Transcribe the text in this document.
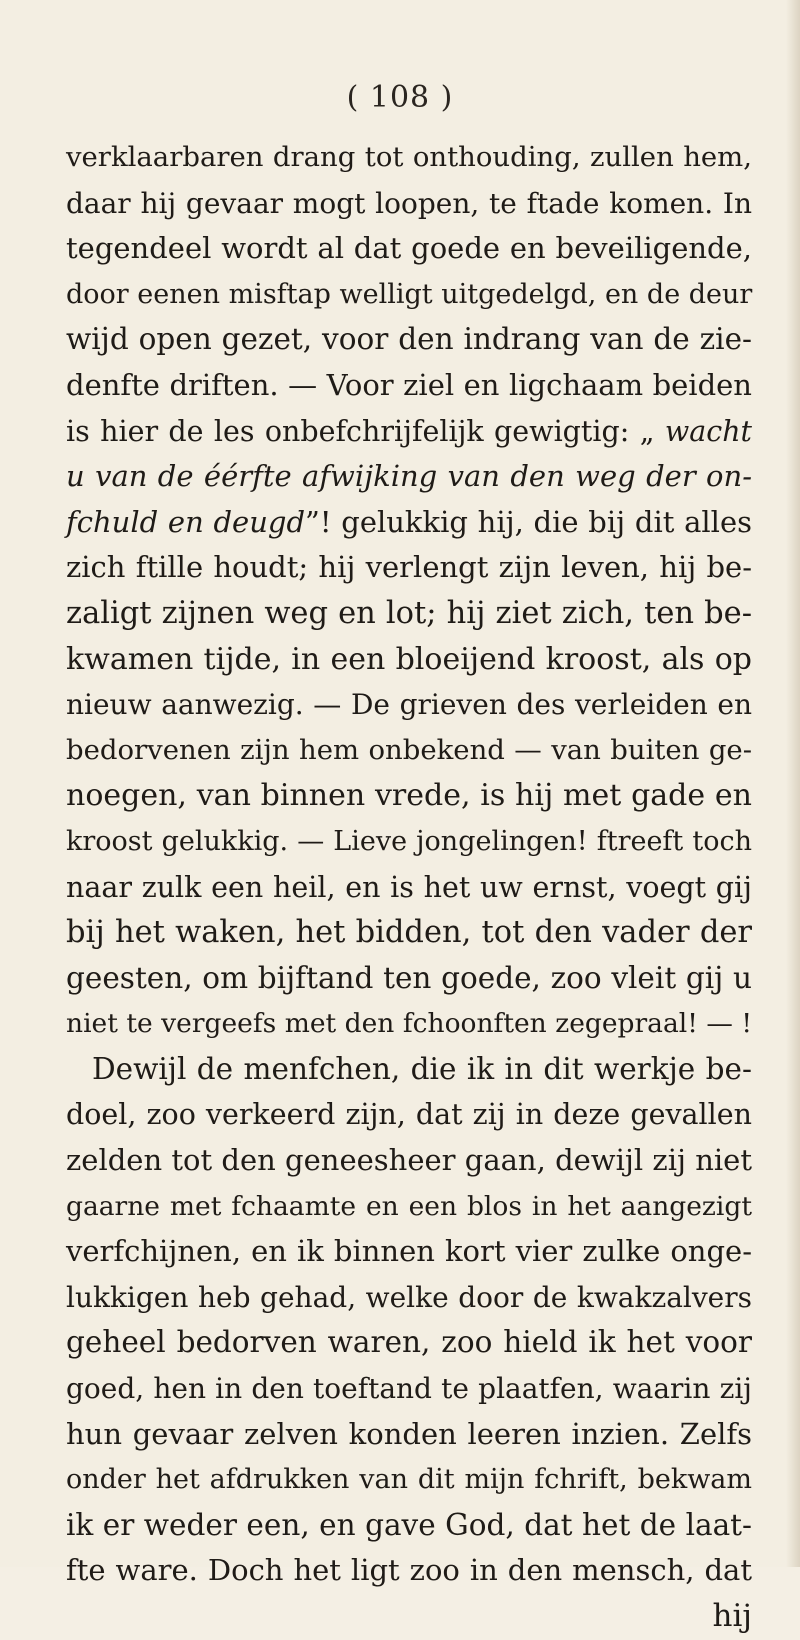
( 108 )
verklaarbaren drang tot onthouding, zullen hem,
daar hij gevaar mogt loopen, te ftade komen. In
tegendeel wordt al dat goede en beveiligende,
door eenen misftap welligt uitgedelgd, en de deur
wijd open gezet, voor den indrang van de zie-
denfte driften. — Voor ziel en ligchaam beiden
is hier de les onbefchrijfelijk gewigtig: „ wacht
u van de éérfte afwijking van den weg der on-
fchuld en deugd”! gelukkig hij, die bij dit alles
zich ftille houdt; hij verlengt zijn leven, hij be-
zaligt zijnen weg en lot; hij ziet zich, ten be-
kwamen tijde, in een bloeijend kroost, als op
nieuw aanwezig. — De grieven des verleiden en
bedorvenen zijn hem onbekend — van buiten ge-
noegen, van binnen vrede, is hij met gade en
kroost gelukkig. — Lieve jongelingen! ftreeft toch
naar zulk een heil, en is het uw ernst, voegt gij
bij het waken, het bidden, tot den vader der
geesten, om bijftand ten goede, zoo vleit gij u
niet te vergeefs met den fchoonften zegepraal! — !
Dewijl de menfchen, die ik in dit werkje be-
doel, zoo verkeerd zijn, dat zij in deze gevallen
zelden tot den geneesheer gaan, dewijl zij niet
gaarne met fchaamte en een blos in het aangezigt
verfchijnen, en ik binnen kort vier zulke onge-
lukkigen heb gehad, welke door de kwakzalvers
geheel bedorven waren, zoo hield ik het voor
goed, hen in den toeftand te plaatfen, waarin zij
hun gevaar zelven konden leeren inzien. Zelfs
onder het afdrukken van dit mijn fchrift, bekwam
ik er weder een, en gave God, dat het de laat-
fte ware. Doch het ligt zoo in den mensch, dat
hij
